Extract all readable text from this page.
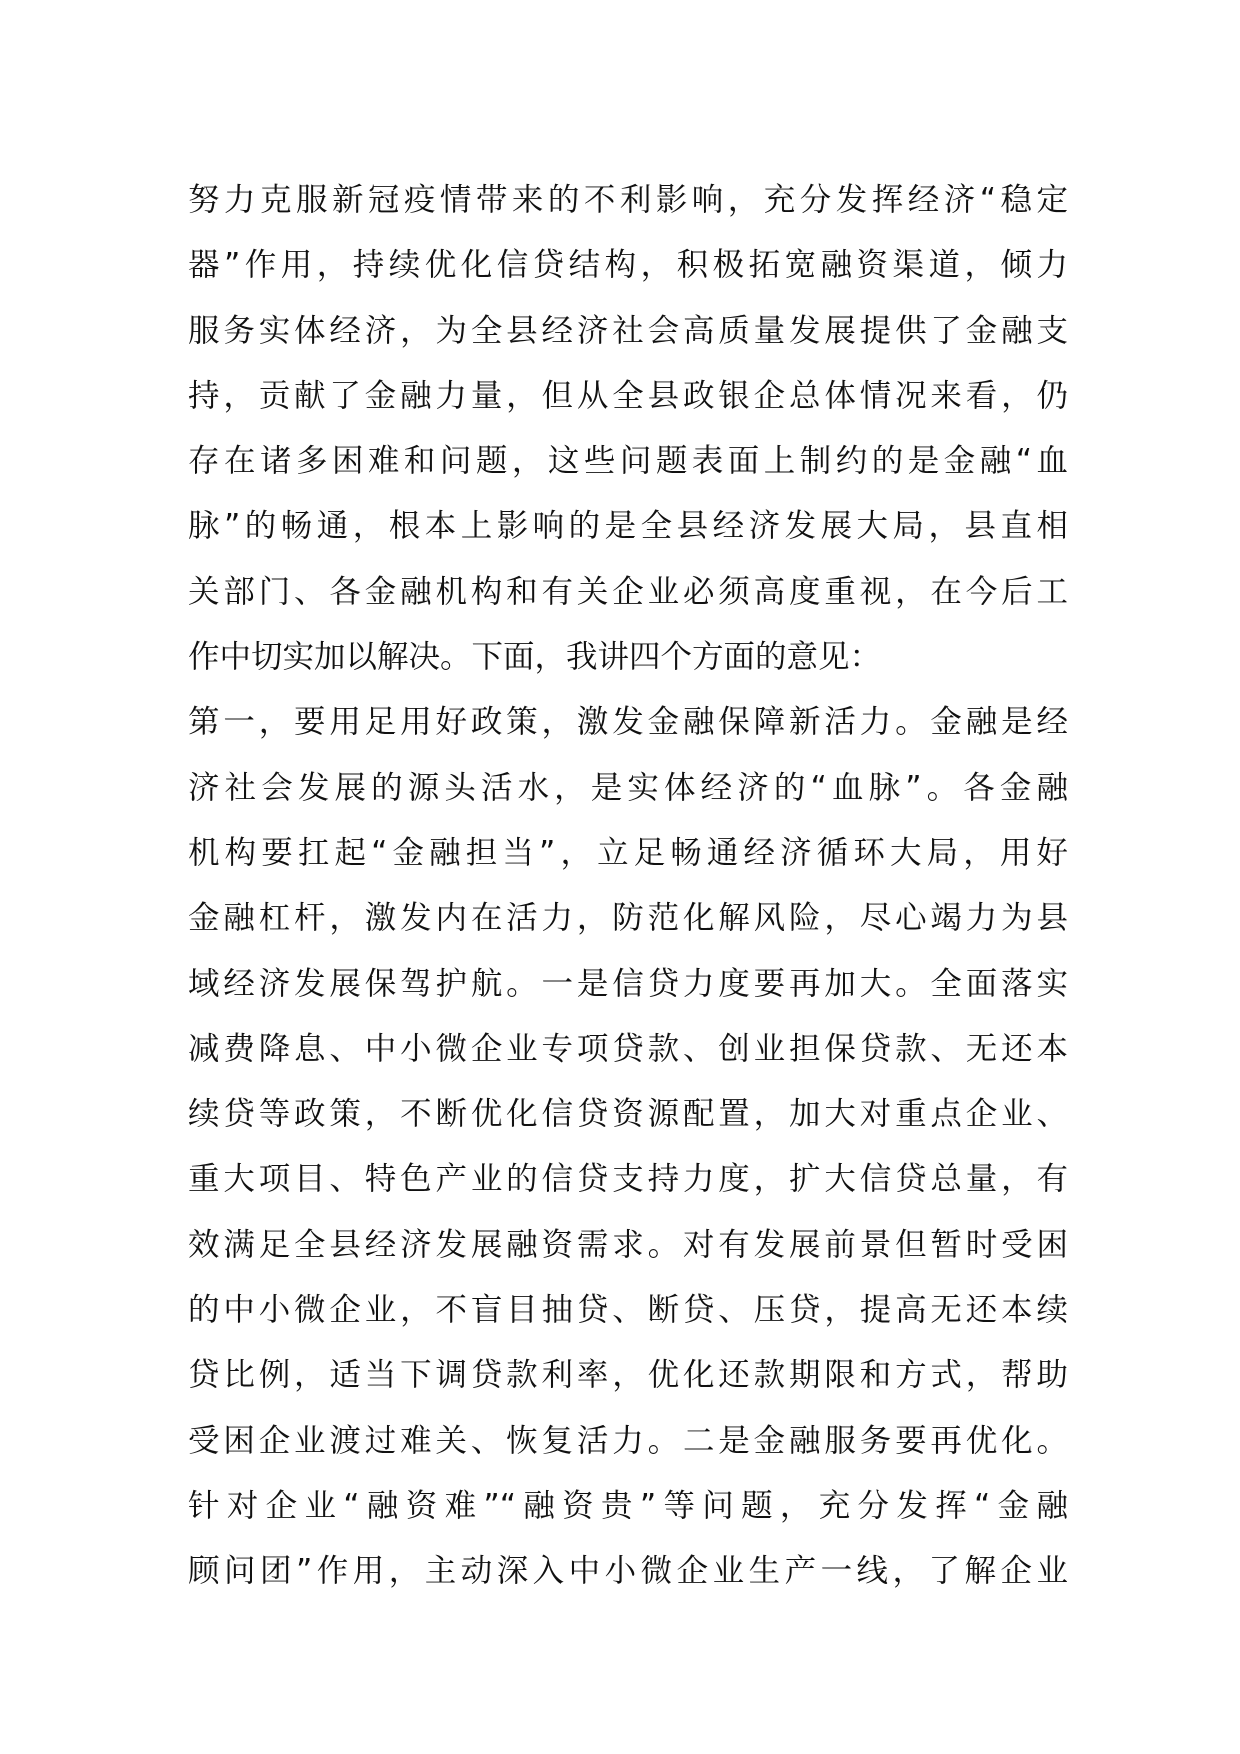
努力克服新冠疫情带来的不利影响，充分发挥经济“稳定
器”作用，持续优化信贷结构，积极拓宽融资渠道，倾力
服务实体经济，为全县经济社会高质量发展提供了金融支
持，贡献了金融力量，但从全县政银企总体情况来看，仍
存在诸多困难和问题，这些问题表面上制约的是金融“血
脉”的畅通，根本上影响的是全县经济发展大局，县直相
关部门、各金融机构和有关企业必须高度重视，在今后工
作中切实加以解决。下面，我讲四个方面的意见：
第一，要用足用好政策，激发金融保障新活力。金融是经
济社会发展的源头活水，是实体经济的“血脉”。各金融
机构要扛起“金融担当”，立足畅通经济循环大局，用好
金融杠杆，激发内在活力，防范化解风险，尽心竭力为县
域经济发展保驾护航。一是信贷力度要再加大。全面落实
减费降息、中小微企业专项贷款、创业担保贷款、无还本
续贷等政策，不断优化信贷资源配置，加大对重点企业、
重大项目、特色产业的信贷支持力度，扩大信贷总量，有
效满足全县经济发展融资需求。对有发展前景但暂时受困
的中小微企业，不盲目抽贷、断贷、压贷，提高无还本续
贷比例，适当下调贷款利率，优化还款期限和方式，帮助
受困企业渡过难关、恢复活力。二是金融服务要再优化。
针对企业“融资难”“融资贵”等问题，充分发挥“金融
顾问团”作用，主动深入中小微企业生产一线，了解企业
